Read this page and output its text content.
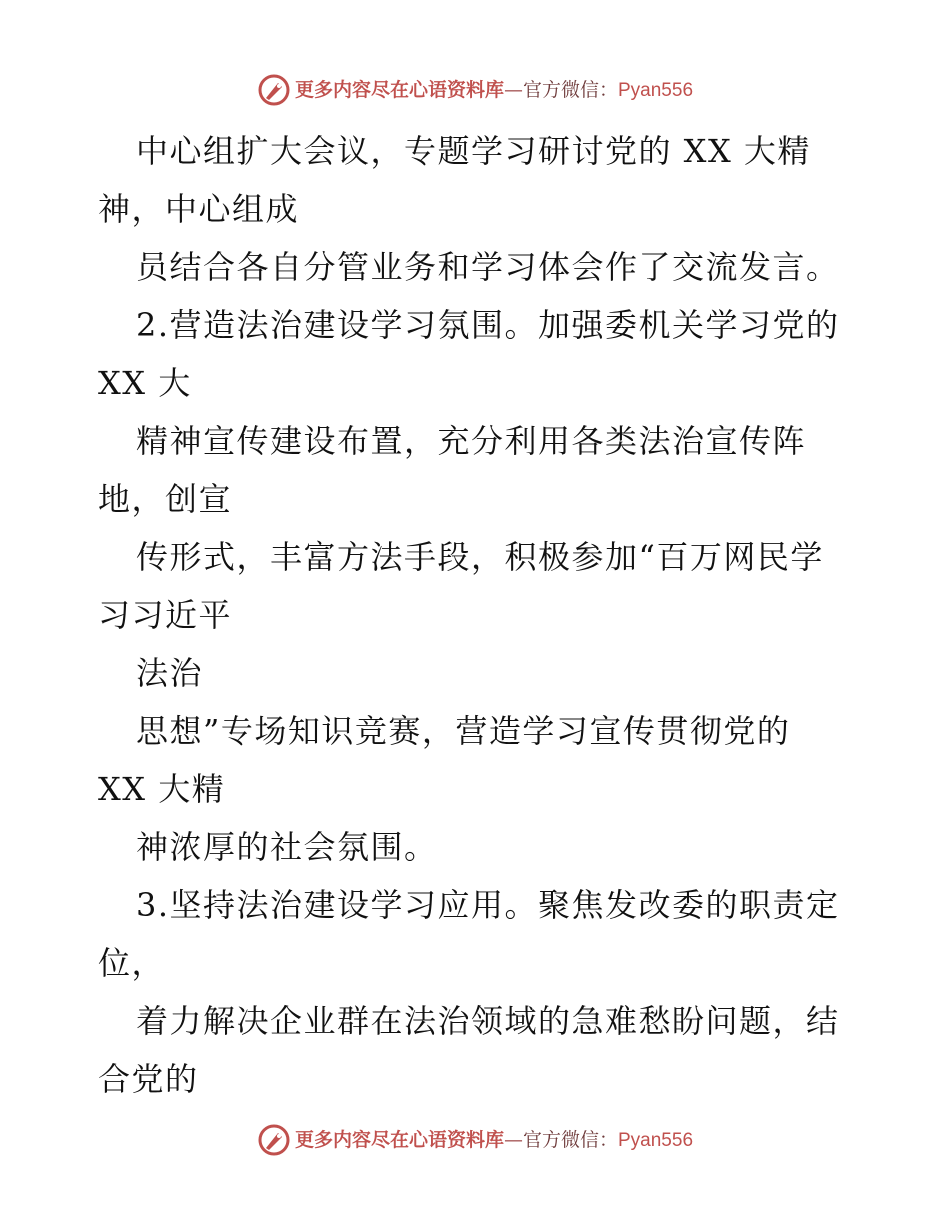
更多内容尽在心语资料库 — 官方微信： Pyan556
中心组扩大会议，专题学习研讨党的 XX 大精
神，中心组成
员结合各自分管业务和学习体会作了交流发言。
2.营造法治建设学习氛围。加强委机关学习党的
XX 大
精神宣传建设布置，充分利用各类法治宣传阵
地，创宣
传形式，丰富方法手段，积极参加“百万网民学
习习近平
法治
思想”专场知识竞赛，营造学习宣传贯彻党的
XX 大精
神浓厚的社会氛围。
3.坚持法治建设学习应用。聚焦发改委的职责定
位，
着力解决企业群在法治领域的急难愁盼问题，结
合党的
更多内容尽在心语资料库 — 官方微信： Pyan556
